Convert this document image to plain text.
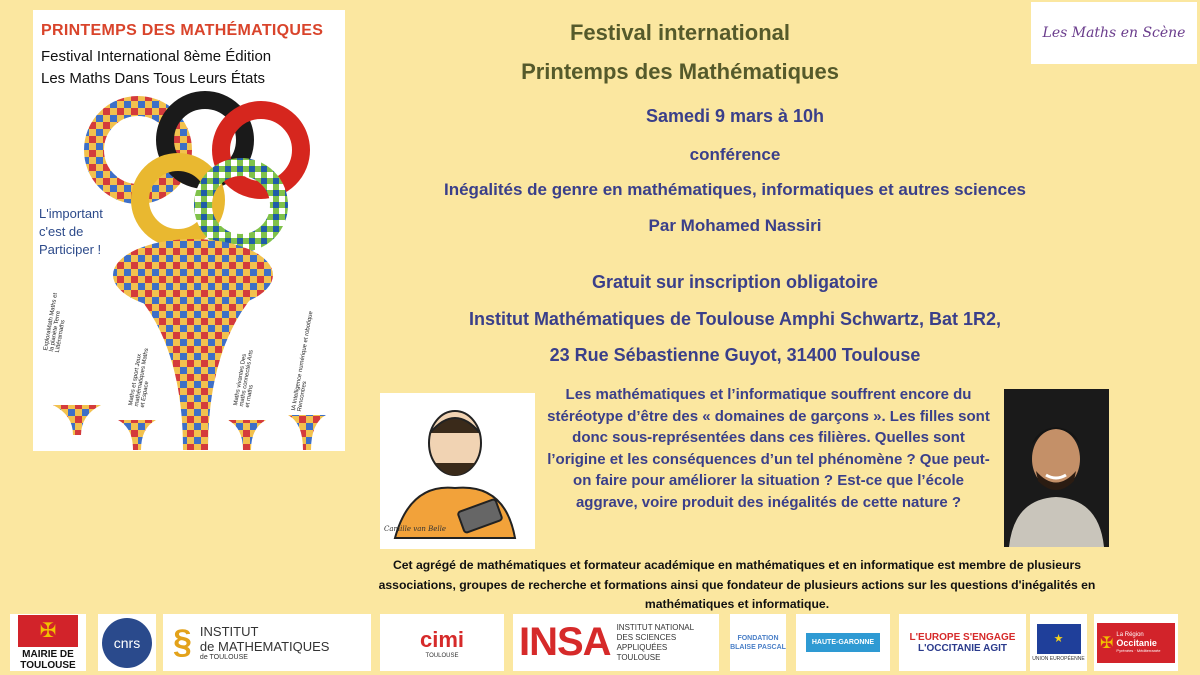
PRINTEMPS DES MATHÉMATIQUES
Festival International 8ème Édition
Les Maths Dans Tous Leurs États
L'important c'est de Participer !
ExploraMath Maths et la planète Terre Littéramaths
Maths et sport Jeux mathématiques Maths et Espace	Maths vivantes Des maths connectés Arts et maths	IA Intelligence numérique et robotique Rencontres
Les Maths en Scène
Festival international
Printemps des Mathématiques
Samedi 9 mars à 10h
conférence
Inégalités de genre en mathématiques, informatiques et autres sciences
Par Mohamed Nassiri
Gratuit sur inscription obligatoire
Institut Mathématiques de Toulouse Amphi Schwartz, Bat 1R2,
23 Rue Sébastienne Guyot, 31400 Toulouse
Camille van Belle
Les mathématiques et l’informatique souffrent encore du stéréotype d’être des « domaines de garçons ». Les filles sont donc sous-représentées dans ces filières. Quelles sont l’origine et les conséquences d’un tel phénomène ? Que peut-on faire pour améliorer la situation ? Est-ce que l’école aggrave, voire produit des inégalités de cette nature ?
Cet agrégé de mathématiques et formateur académique en mathématiques et en informatique est membre de plusieurs associations, groupes de recherche et formations ainsi que fondateur de plusieurs actions sur les questions d'inégalités en mathématiques et informatique.
✠
MAIRIE DE TOULOUSE
cnrs § INSTITUT
de MATHEMATIQUES
de TOULOUSE
cimi
TOULOUSE INSA INSTITUT NATIONAL DES SCIENCES APPLIQUÉES TOULOUSE
FONDATION BLAISE PASCAL
HAUTE-GARONNE	L'EUROPE S'ENGAGE
L'OCCITANIE AGIT
★
UNION EUROPÉENNE
✠ La Région
Occitanie
Pyrénées · Méditerranée
